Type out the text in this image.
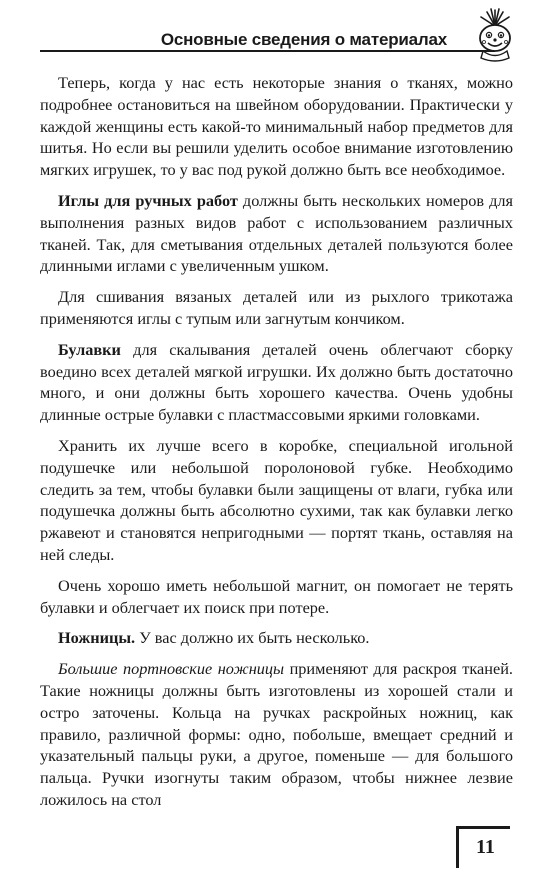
Основные сведения о материалах

Теперь, когда у нас есть некоторые знания о тканях, можно подробнее остановиться на швейном оборудовании. Практически у каждой женщины есть какой-то минимальный набор предметов для шитья. Но если вы решили уделить особое внимание изготовлению мягких игрушек, то у вас под рукой должно быть все необходимое.

Иглы для ручных работ должны быть нескольких номеров для выполнения разных видов работ с использованием различных тканей. Так, для сметывания отдельных деталей пользуются более длинными иглами с увеличенным ушком.

Для сшивания вязаных деталей или из рыхлого трикотажа применяются иглы с тупым или загнутым кончиком.

Булавки для скалывания деталей очень облегчают сборку воедино всех деталей мягкой игрушки. Их должно быть достаточно много, и они должны быть хорошего качества. Очень удобны длинные острые булавки с пластмассовыми яркими головками.

Хранить их лучше всего в коробке, специальной игольной подушечке или небольшой поролоновой губке. Необходимо следить за тем, чтобы булавки были защищены от влаги, губка или подушечка должны быть абсолютно сухими, так как булавки легко ржавеют и становятся непригодными — портят ткань, оставляя на ней следы.

Очень хорошо иметь небольшой магнит, он помогает не терять булавки и облегчает их поиск при потере.

Ножницы. У вас должно их быть несколько.

Большие портновские ножницы применяют для раскроя тканей. Такие ножницы должны быть изготовлены из хорошей стали и остро заточены. Кольца на ручках раскройных ножниц, как правило, различной формы: одно, побольше, вмещает средний и указательный пальцы руки, а другое, поменьше — для большого пальца. Ручки изогнуты таким образом, чтобы нижнее лезвие ложилось на стол

11
